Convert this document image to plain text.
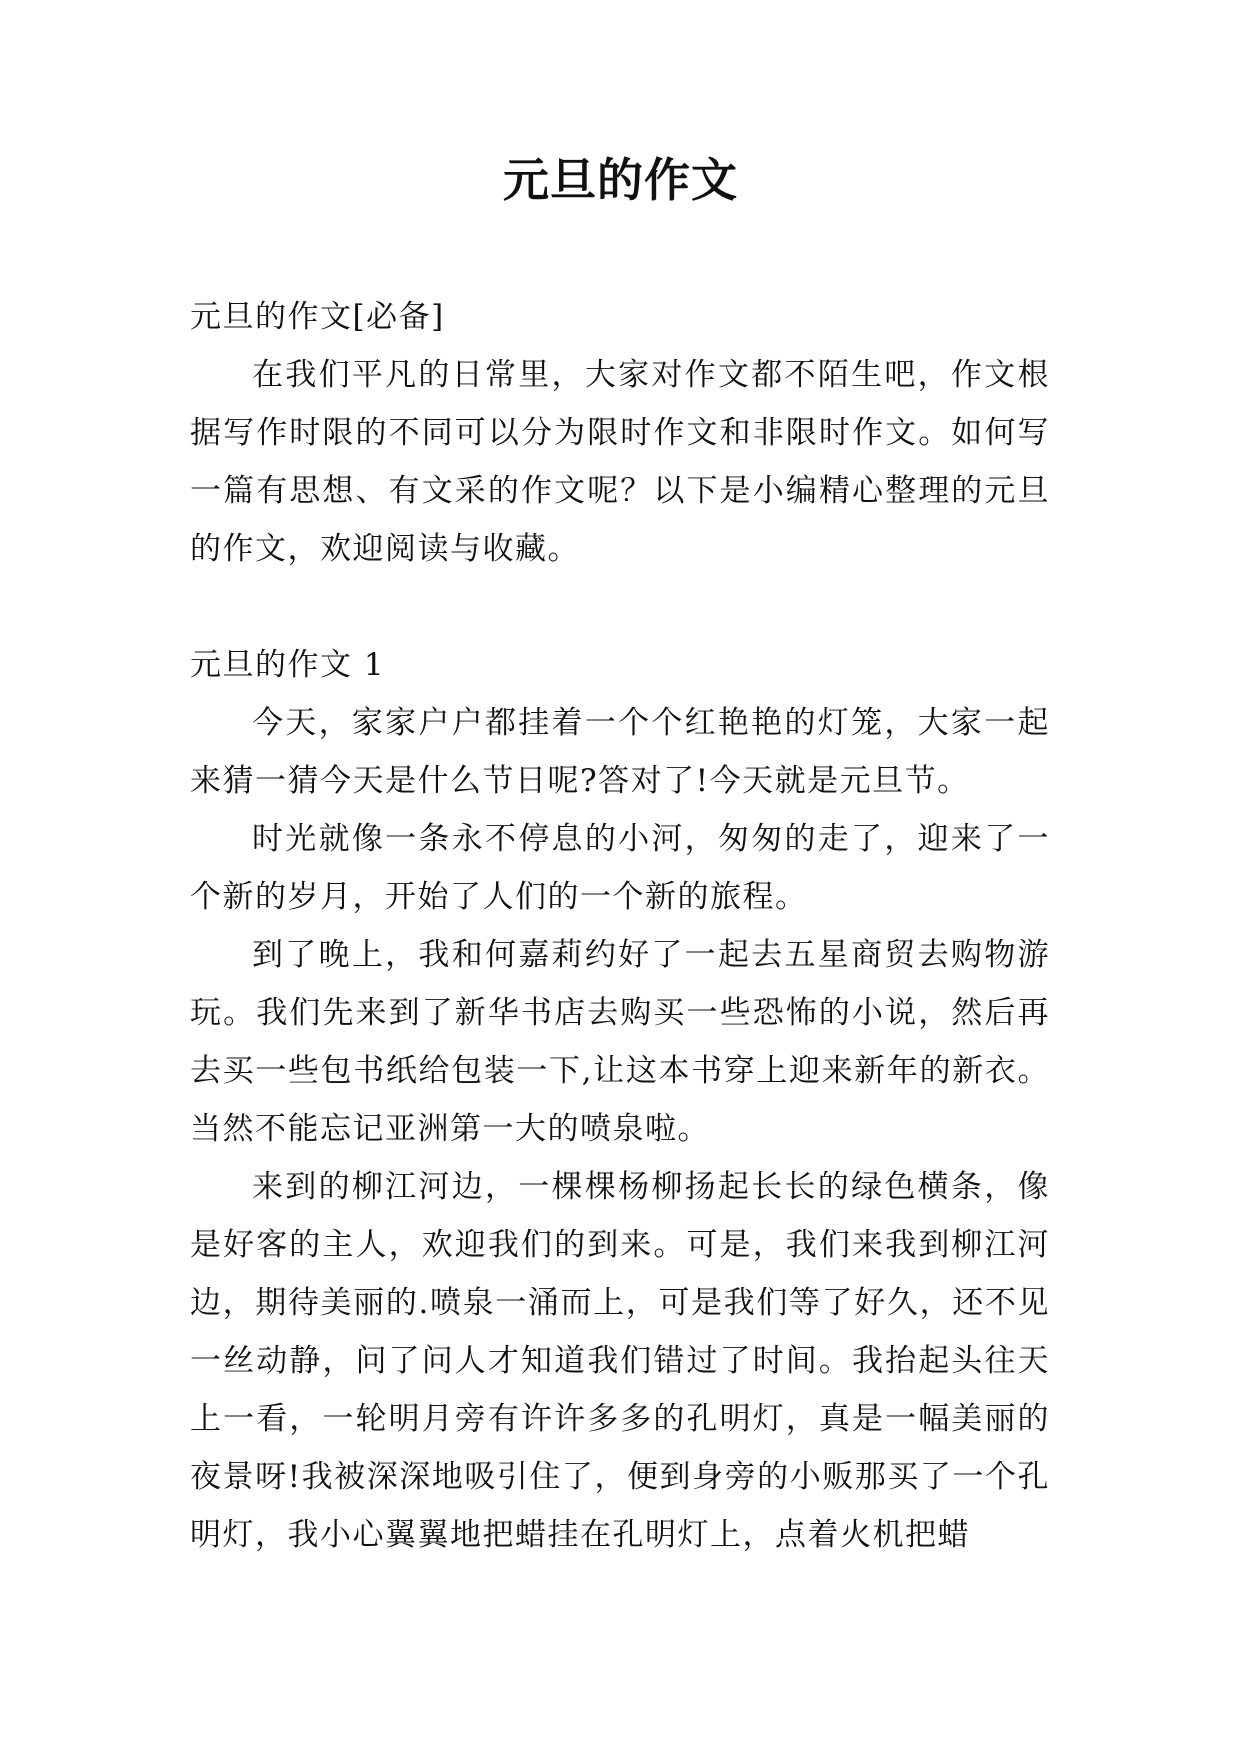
元旦的作文

元旦的作文[必备]

在我们平凡的日常里，大家对作文都不陌生吧，作文根据写作时限的不同可以分为限时作文和非限时作文。如何写一篇有思想、有文采的作文呢？以下是小编精心整理的元旦的作文，欢迎阅读与收藏。

元旦的作文 1

今天，家家户户都挂着一个个红艳艳的灯笼，大家一起来猜一猜今天是什么节日呢?答对了!今天就是元旦节。

时光就像一条永不停息的小河，匆匆的走了，迎来了一个新的岁月，开始了人们的一个新的旅程。

到了晚上，我和何嘉莉约好了一起去五星商贸去购物游玩。我们先来到了新华书店去购买一些恐怖的小说，然后再去买一些包书纸给包装一下,让这本书穿上迎来新年的新衣。当然不能忘记亚洲第一大的喷泉啦。

来到的柳江河边，一棵棵杨柳扬起长长的绿色横条，像是好客的主人，欢迎我们的到来。可是，我们来我到柳江河边，期待美丽的.喷泉一涌而上，可是我们等了好久，还不见一丝动静，问了问人才知道我们错过了时间。我抬起头往天上一看，一轮明月旁有许许多多的孔明灯，真是一幅美丽的夜景呀!我被深深地吸引住了，便到身旁的小贩那买了一个孔明灯，我小心翼翼地把蜡挂在孔明灯上，点着火机把蜡
